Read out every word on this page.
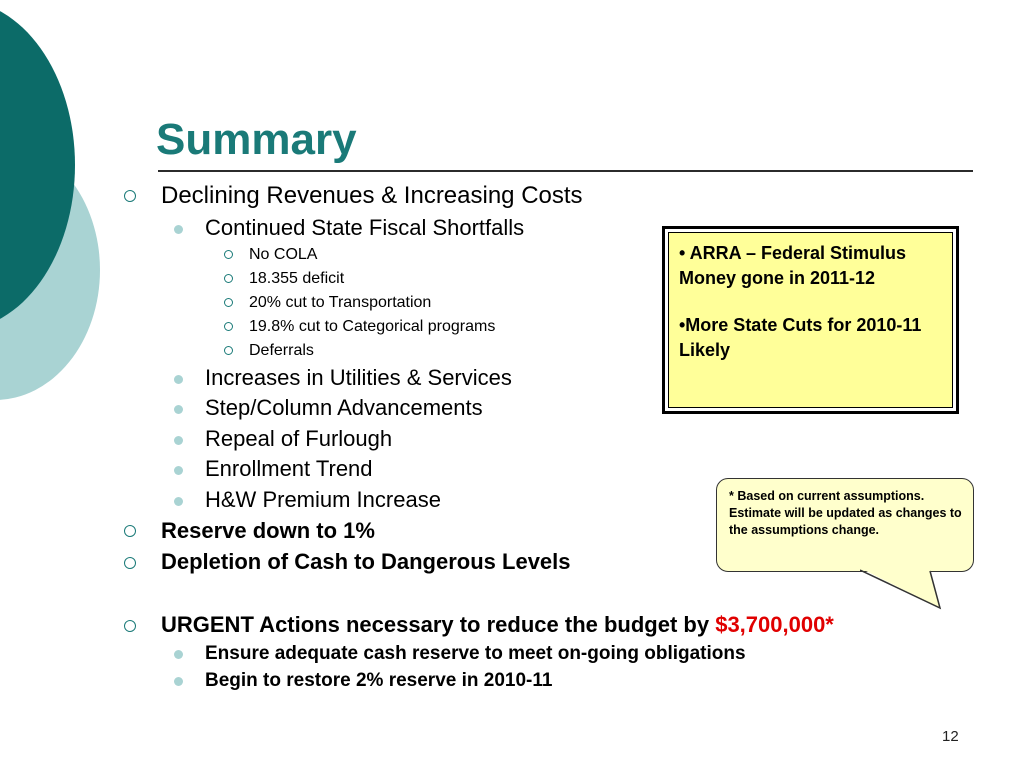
Summary
Declining Revenues & Increasing Costs
Continued State Fiscal Shortfalls
No COLA
18.355 deficit
20% cut to Transportation
19.8% cut to Categorical programs
Deferrals
Increases in Utilities & Services
Step/Column Advancements
Repeal of Furlough
Enrollment Trend
H&W Premium Increase
Reserve down to 1%
Depletion of Cash to Dangerous Levels
URGENT Actions necessary to reduce the budget by $3,700,000*
Ensure adequate cash reserve to meet on-going obligations
Begin to restore 2% reserve in 2010-11

• ARRA – Federal Stimulus Money gone in 2011-12

•More State Cuts for 2010-11 Likely

* Based on current assumptions. Estimate will be updated as changes to the assumptions change.
12
